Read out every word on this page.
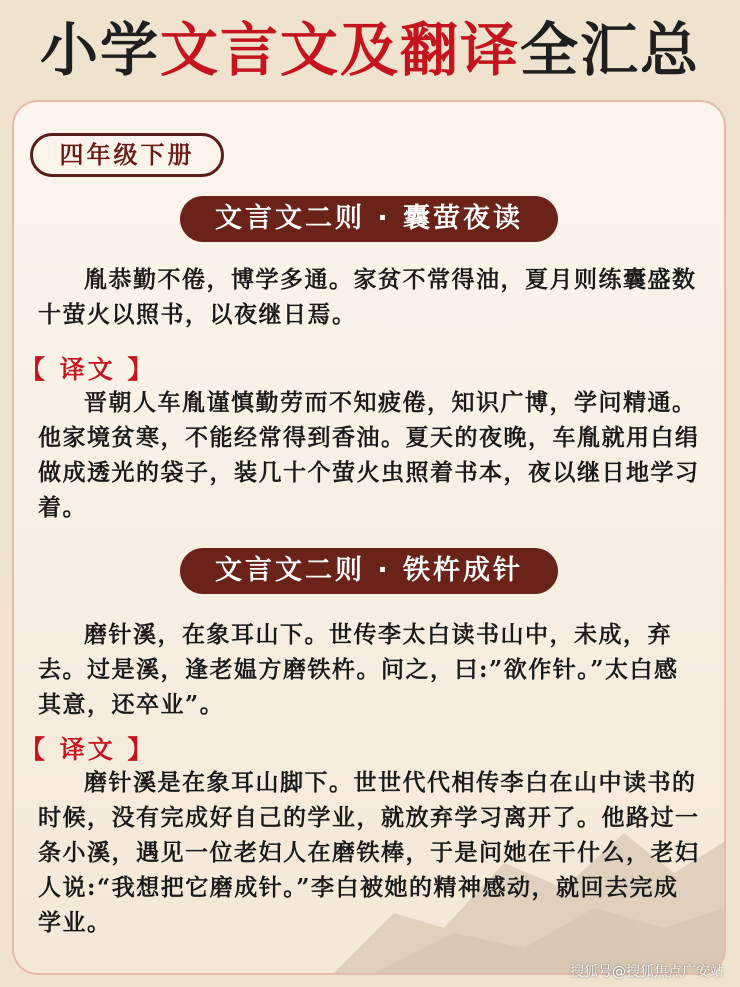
小学文言文及翻译全汇总
四年级下册
文言文二则 · 囊萤夜读
胤恭勤不倦，博学多通。家贫不常得油，夏月则练囊盛数十萤火以照书，以夜继日焉。
【 译文 】
晋朝人车胤谨慎勤劳而不知疲倦，知识广博，学问精通。他家境贫寒，不能经常得到香油。夏天的夜晚，车胤就用白绢做成透光的袋子，装几十个萤火虫照着书本，夜以继日地学习着。
文言文二则 · 铁杵成针
磨针溪，在象耳山下。世传李太白读书山中，未成，弃去。过是溪，逢老媪方磨铁杵。问之，曰:”欲作针。”太白感其意，还卒业”。
【 译文 】
磨针溪是在象耳山脚下。世世代代相传李白在山中读书的时候，没有完成好自己的学业，就放弃学习离开了。他路过一条小溪，遇见一位老妇人在磨铁棒，于是问她在干什么，老妇人说:“我想把它磨成针。”李白被她的精神感动，就回去完成学业。
搜狐号@搜狐焦点广安站
